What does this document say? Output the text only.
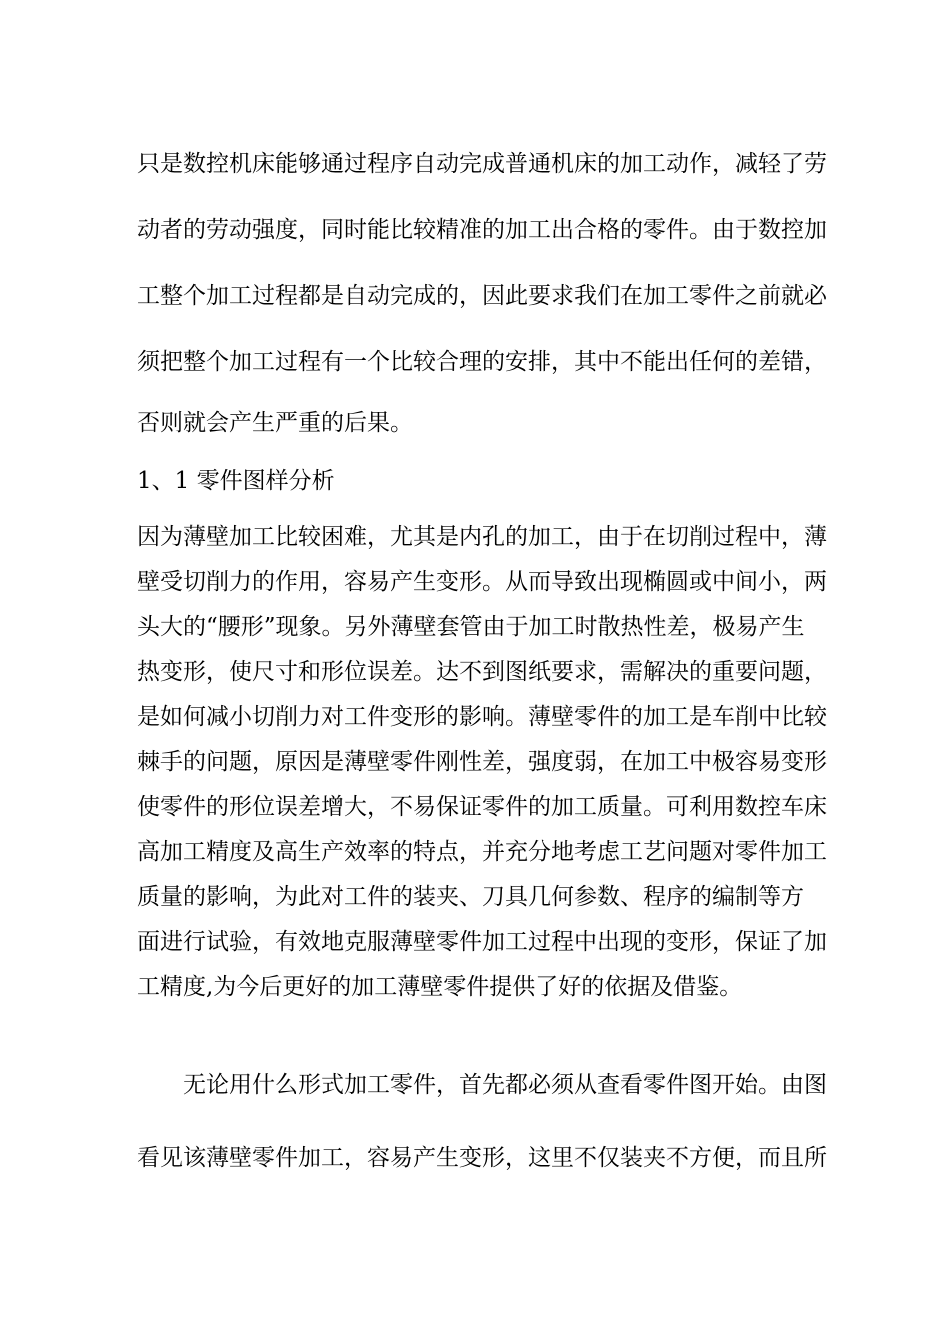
只是数控机床能够通过程序自动完成普通机床的加工动作，减轻了劳
动者的劳动强度，同时能比较精准的加工出合格的零件。由于数控加
工整个加工过程都是自动完成的，因此要求我们在加工零件之前就必
须把整个加工过程有一个比较合理的安排，其中不能出任何的差错，
否则就会产生严重的后果。
1、1 零件图样分析
因为薄壁加工比较困难，尤其是内孔的加工，由于在切削过程中，薄
壁受切削力的作用，容易产生变形。从而导致出现椭圆或中间小，两
头大的“腰形”现象。另外薄壁套管由于加工时散热性差，极易产生
热变形，使尺寸和形位误差。达不到图纸要求，需解决的重要问题，
是如何减小切削力对工件变形的影响。薄壁零件的加工是车削中比较
棘手的问题，原因是薄壁零件刚性差，强度弱，在加工中极容易变形
使零件的形位误差增大，不易保证零件的加工质量。可利用数控车床
高加工精度及高生产效率的特点，并充分地考虑工艺问题对零件加工
质量的影响，为此对工件的装夹、刀具几何参数、程序的编制等方
面进行试验，有效地克服薄壁零件加工过程中出现的变形，保证了加
工精度,为今后更好的加工薄壁零件提供了好的依据及借鉴。
无论用什么形式加工零件，首先都必须从查看零件图开始。由图
看见该薄壁零件加工，容易产生变形，这里不仅装夹不方便，而且所
